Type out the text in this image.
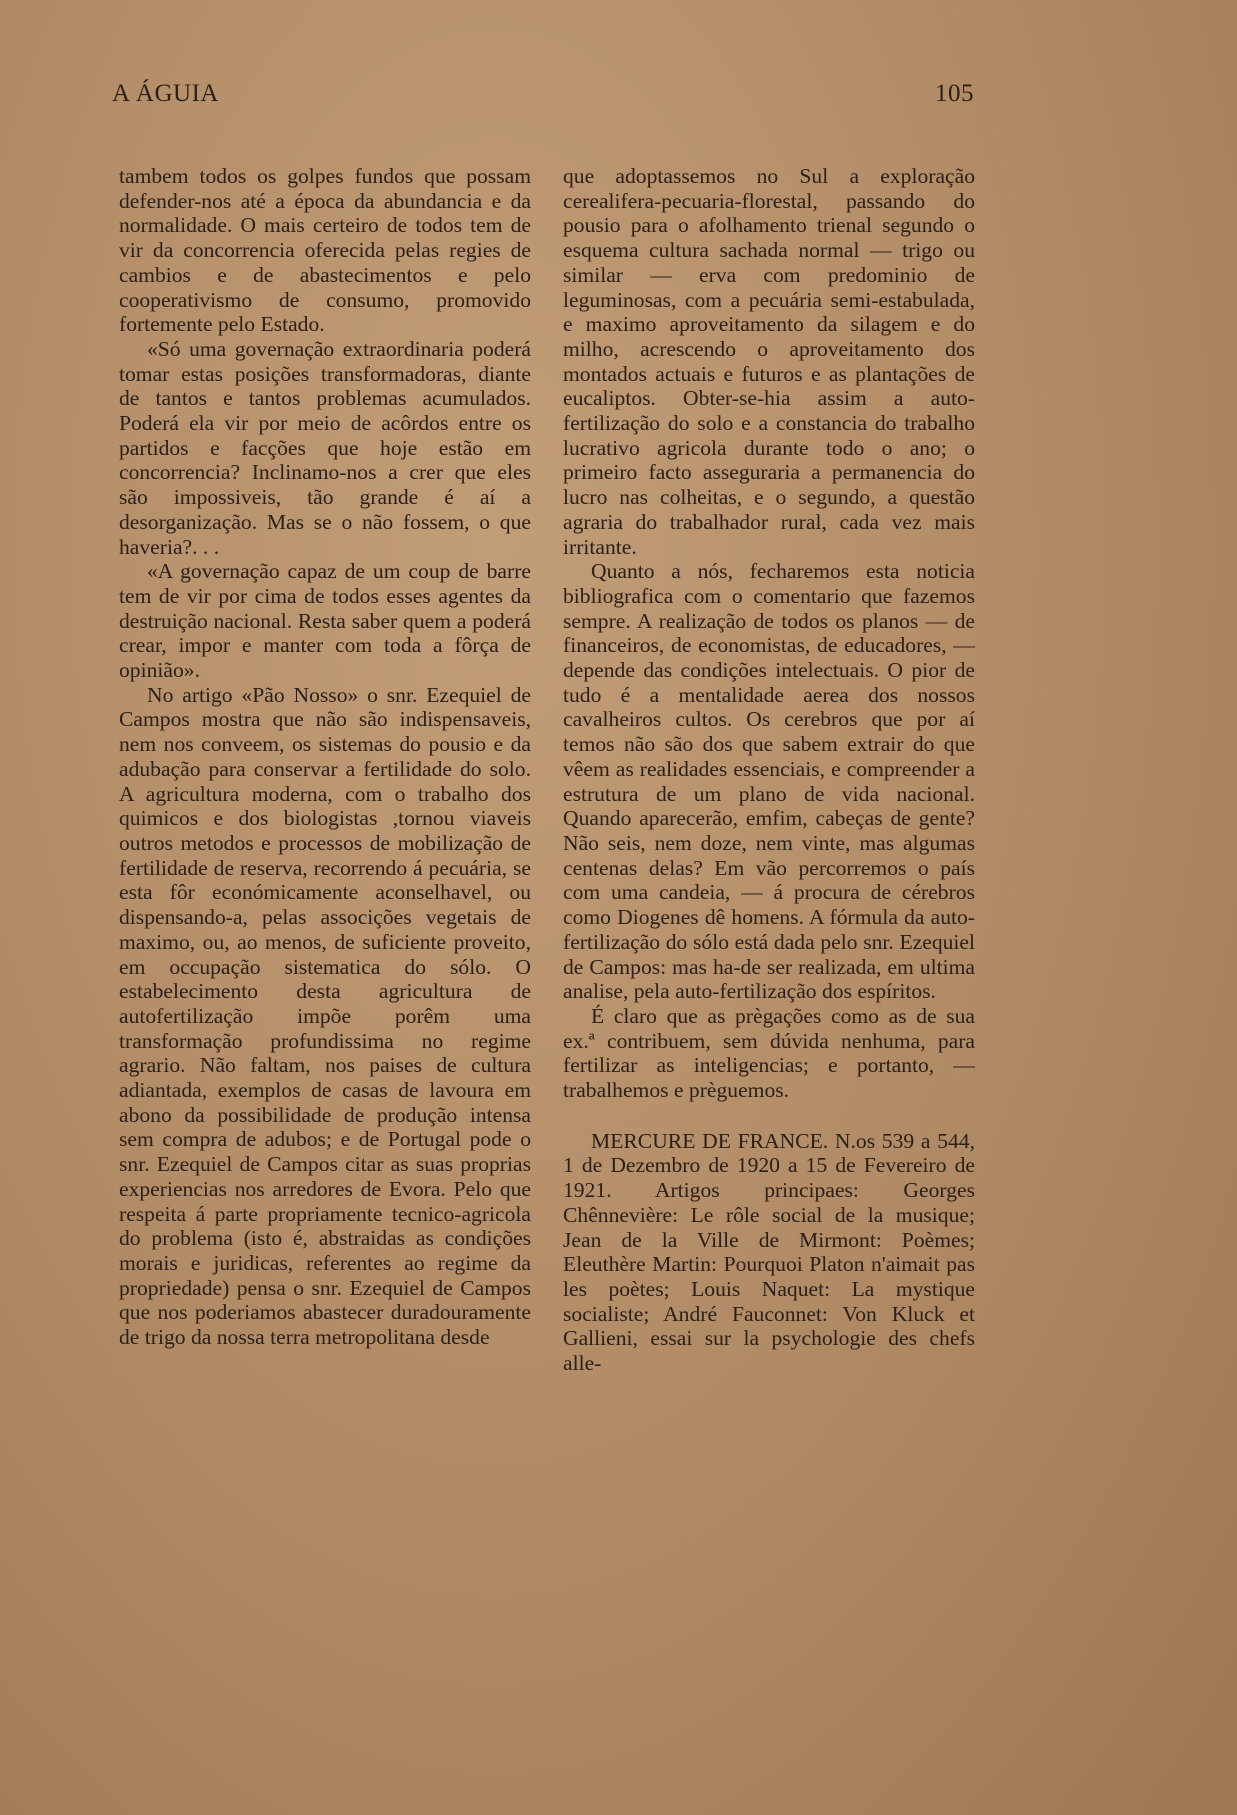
A ÁGUIA	105

tambem todos os golpes fundos que possam defender-nos até a época da abundancia e da normalidade. O mais certeiro de todos tem de vir da concorrencia oferecida pelas regies de cambios e de abastecimentos e pelo cooperativismo de consumo, promovido fortemente pelo Estado.

«Só uma governação extraordinaria poderá tomar estas posições transformadoras, diante de tantos e tantos problemas acumulados. Poderá ela vir por meio de acôrdos entre os partidos e facções que hoje estão em concorrencia? Inclinamo-nos a crer que eles são impossiveis, tão grande é aí a desorganização. Mas se o não fossem, o que haveria?. . .

«A governação capaz de um coup de barre tem de vir por cima de todos esses agentes da destruição nacional. Resta saber quem a poderá crear, impor e manter com toda a fôrça de opinião».

No artigo «Pão Nosso» o snr. Ezequiel de Campos mostra que não são indispensaveis, nem nos conveem, os sistemas do pousio e da adubação para conservar a fertilidade do solo. A agricultura moderna, com o trabalho dos quimicos e dos biologistas ,tornou viaveis outros metodos e processos de mobilização de fertilidade de reserva, recorrendo á pecuária, se esta fôr económicamente aconselhavel, ou dispensando-a, pelas associções vegetais de maximo, ou, ao menos, de suficiente proveito, em occupação sistematica do sólo. O estabelecimento desta agricultura de autofertilização impõe porêm uma transformação profundissima no regime agrario. Não faltam, nos paises de cultura adiantada, exemplos de casas de lavoura em abono da possibilidade de produção intensa sem compra de adubos; e de Portugal pode o snr. Ezequiel de Campos citar as suas proprias experiencias nos arredores de Evora. Pelo que respeita á parte propriamente tecnico-agricola do problema (isto é, abstraidas as condições morais e juridicas, referentes ao regime da propriedade) pensa o snr. Ezequiel de Campos que nos poderiamos abastecer duradouramente de trigo da nossa terra metropolitana desde

que adoptassemos no Sul a exploração cerealifera-pecuaria-florestal, passando do pousio para o afolhamento trienal segundo o esquema cultura sachada normal — trigo ou similar — erva com predominio de leguminosas, com a pecuária semi-estabulada, e maximo aproveitamento da silagem e do milho, acrescendo o aproveitamento dos montados actuais e futuros e as plantações de eucaliptos. Obter-se-hia assim a auto-fertilização do solo e a constancia do trabalho lucrativo agricola durante todo o ano; o primeiro facto asseguraria a permanencia do lucro nas colheitas, e o segundo, a questão agraria do trabalhador rural, cada vez mais irritante.

Quanto a nós, fecharemos esta noticia bibliografica com o comentario que fazemos sempre. A realização de todos os planos — de financeiros, de economistas, de educadores, — depende das condições intelectuais. O pior de tudo é a mentalidade aerea dos nossos cavalheiros cultos. Os cerebros que por aí temos não são dos que sabem extrair do que vêem as realidades essenciais, e compreender a estrutura de um plano de vida nacional. Quando aparecerão, emfim, cabeças de gente? Não seis, nem doze, nem vinte, mas algumas centenas delas? Em vão percorremos o país com uma candeia, — á procura de cérebros como Diogenes dê homens. A fórmula da auto-fertilização do sólo está dada pelo snr. Ezequiel de Campos: mas ha-de ser realizada, em ultima analise, pela auto-fertilização dos espíritos.

É claro que as prègações como as de sua ex.ª contribuem, sem dúvida nenhuma, para fertilizar as inteligencias; e portanto, — trabalhemos e prèguemos.

MERCURE DE FRANCE. N.os 539 a 544, 1 de Dezembro de 1920 a 15 de Fevereiro de 1921. Artigos principaes: Georges Chênnevière: Le rôle social de la musique; Jean de la Ville de Mirmont: Poèmes; Eleuthère Martin: Pourquoi Platon n'aimait pas les poètes; Louis Naquet: La mystique socialiste; André Fauconnet: Von Kluck et Gallieni, essai sur la psychologie des chefs alle-
